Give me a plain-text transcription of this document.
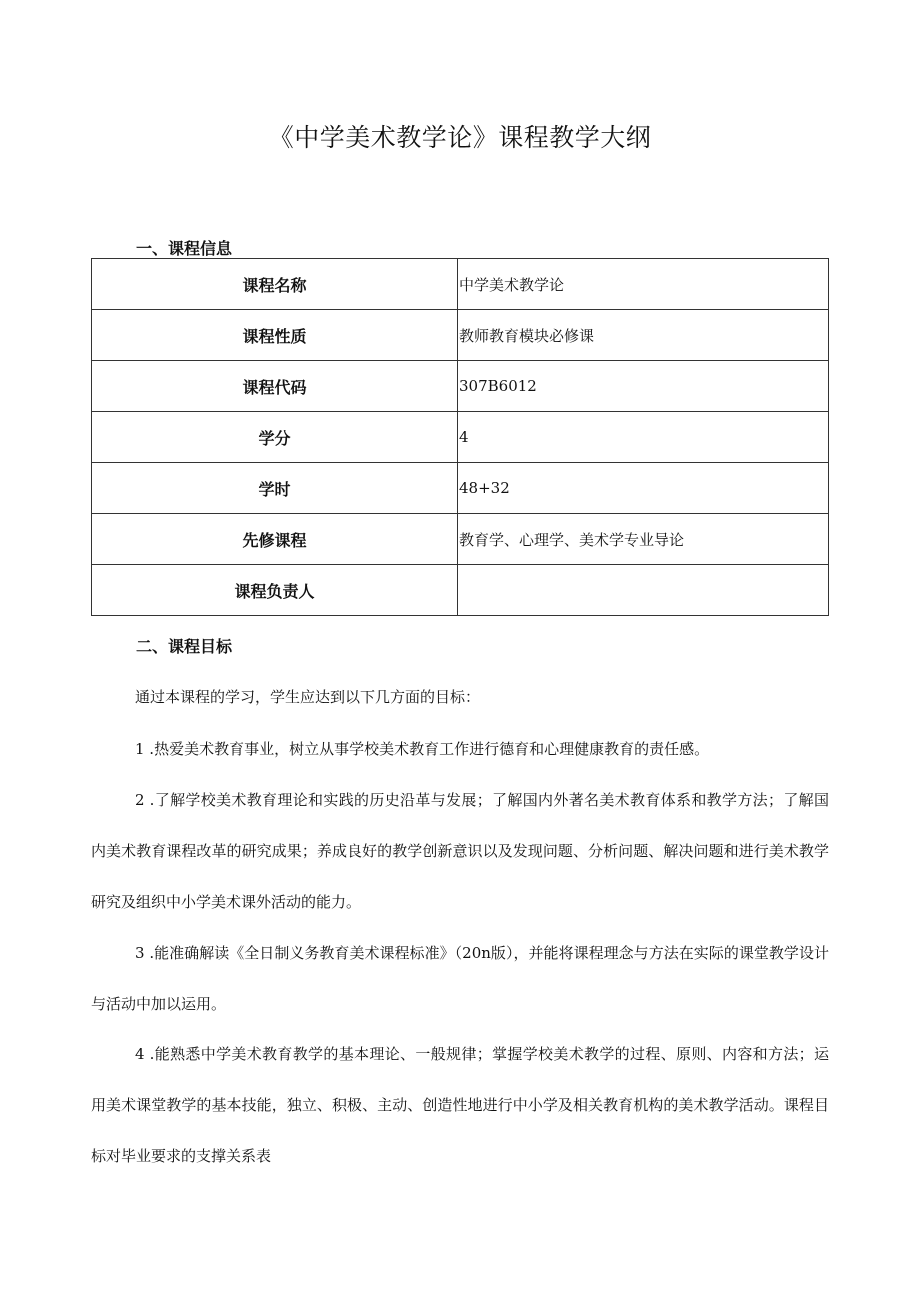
《中学美术教学论》课程教学大纲
一、课程信息
课程名称	中学美术教学论
课程性质	教师教育模块必修课
课程代码	307B6012
学分	4
学时	48+32
先修课程	教育学、心理学、美术学专业导论
课程负责人	
二、课程目标
通过本课程的学习，学生应达到以下几方面的目标：
1 .热爱美术教育事业，树立从事学校美术教育工作进行德育和心理健康教育的责任感。
2 .了解学校美术教育理论和实践的历史沿革与发展；了解国内外著名美术教育体系和教学方法；了解国内美术教育课程改革的研究成果；养成良好的教学创新意识以及发现问题、分析问题、解决问题和进行美术教学研究及组织中小学美术课外活动的能力。
3 .能准确解读《全日制义务教育美术课程标准》（20n版），并能将课程理念与方法在实际的课堂教学设计与活动中加以运用。
4 .能熟悉中学美术教育教学的基本理论、一般规律；掌握学校美术教学的过程、原则、内容和方法；运用美术课堂教学的基本技能，独立、积极、主动、创造性地进行中小学及相关教育机构的美术教学活动。课程目标对毕业要求的支撑关系表
